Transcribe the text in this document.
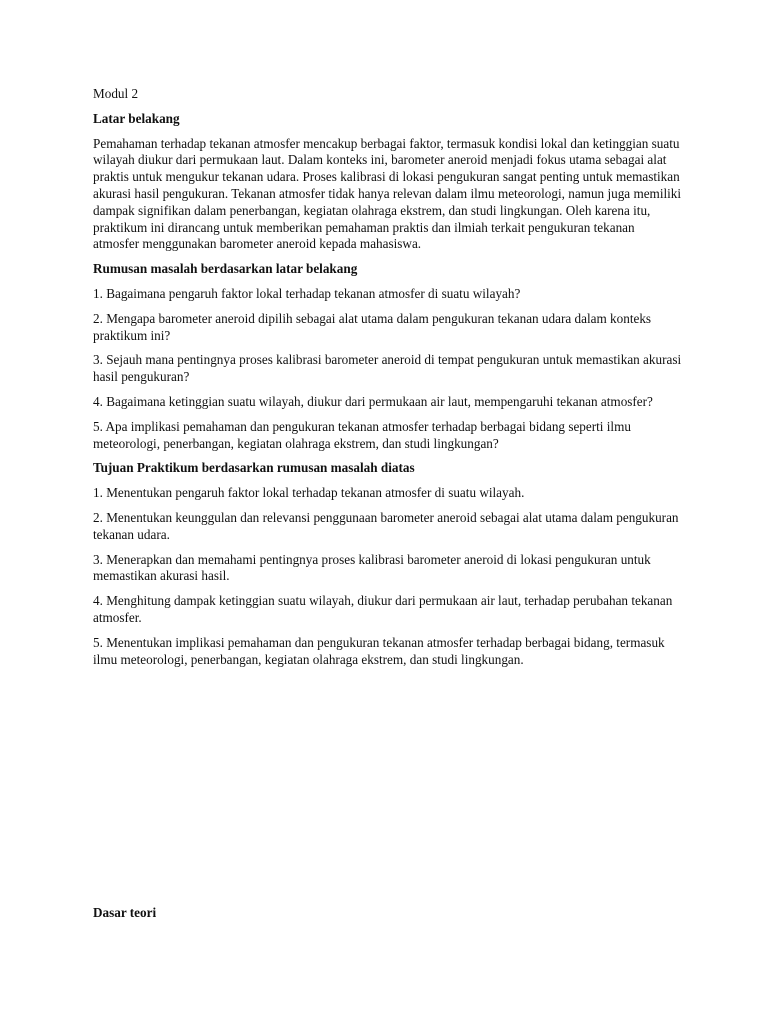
Modul 2

Latar belakang

Pemahaman terhadap tekanan atmosfer mencakup berbagai faktor, termasuk kondisi lokal dan ketinggian suatu wilayah diukur dari permukaan laut. Dalam konteks ini, barometer aneroid menjadi fokus utama sebagai alat praktis untuk mengukur tekanan udara. Proses kalibrasi di lokasi pengukuran sangat penting untuk memastikan akurasi hasil pengukuran. Tekanan atmosfer tidak hanya relevan dalam ilmu meteorologi, namun juga memiliki dampak signifikan dalam penerbangan, kegiatan olahraga ekstrem, dan studi lingkungan. Oleh karena itu, praktikum ini dirancang untuk memberikan pemahaman praktis dan ilmiah terkait pengukuran tekanan atmosfer menggunakan barometer aneroid kepada mahasiswa.

Rumusan masalah berdasarkan latar belakang

1. Bagaimana pengaruh faktor lokal terhadap tekanan atmosfer di suatu wilayah?

2. Mengapa barometer aneroid dipilih sebagai alat utama dalam pengukuran tekanan udara dalam konteks praktikum ini?

3. Sejauh mana pentingnya proses kalibrasi barometer aneroid di tempat pengukuran untuk memastikan akurasi hasil pengukuran?

4. Bagaimana ketinggian suatu wilayah, diukur dari permukaan air laut, mempengaruhi tekanan atmosfer?

5. Apa implikasi pemahaman dan pengukuran tekanan atmosfer terhadap berbagai bidang seperti ilmu meteorologi, penerbangan, kegiatan olahraga ekstrem, dan studi lingkungan?

Tujuan Praktikum berdasarkan rumusan masalah diatas

1. Menentukan pengaruh faktor lokal terhadap tekanan atmosfer di suatu wilayah.

2. Menentukan keunggulan dan relevansi penggunaan barometer aneroid sebagai alat utama dalam pengukuran tekanan udara.

3. Menerapkan dan memahami pentingnya proses kalibrasi barometer aneroid di lokasi pengukuran untuk memastikan akurasi hasil.

4. Menghitung dampak ketinggian suatu wilayah, diukur dari permukaan air laut, terhadap perubahan tekanan atmosfer.

5. Menentukan implikasi pemahaman dan pengukuran tekanan atmosfer terhadap berbagai bidang, termasuk ilmu meteorologi, penerbangan, kegiatan olahraga ekstrem, dan studi lingkungan.

Dasar teori
